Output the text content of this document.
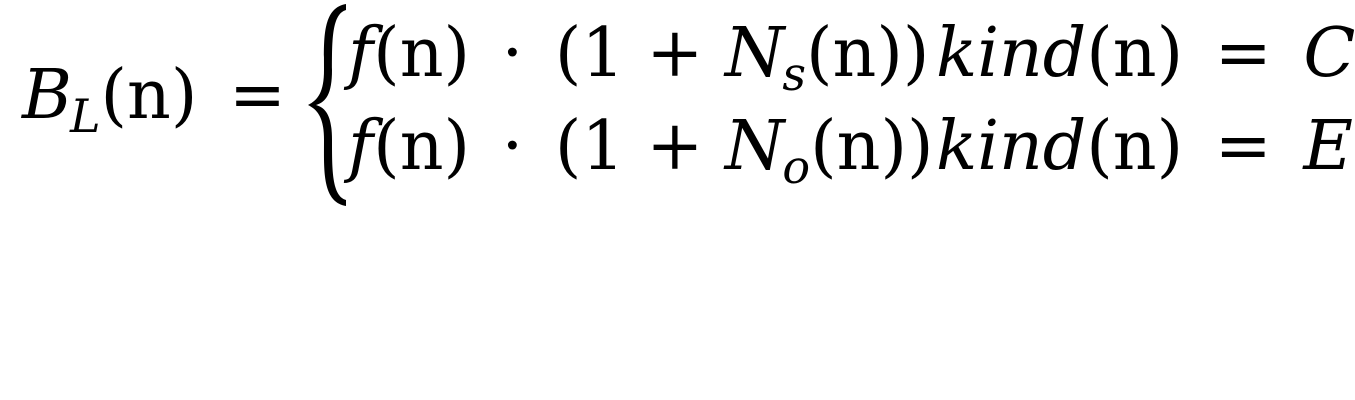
$B_L(n)$ =
$f(n) \cdot (1 + N_s(n))$ kind(n) = C
$f(n) \cdot (1 + N_o(n))$ kind(n) = E
